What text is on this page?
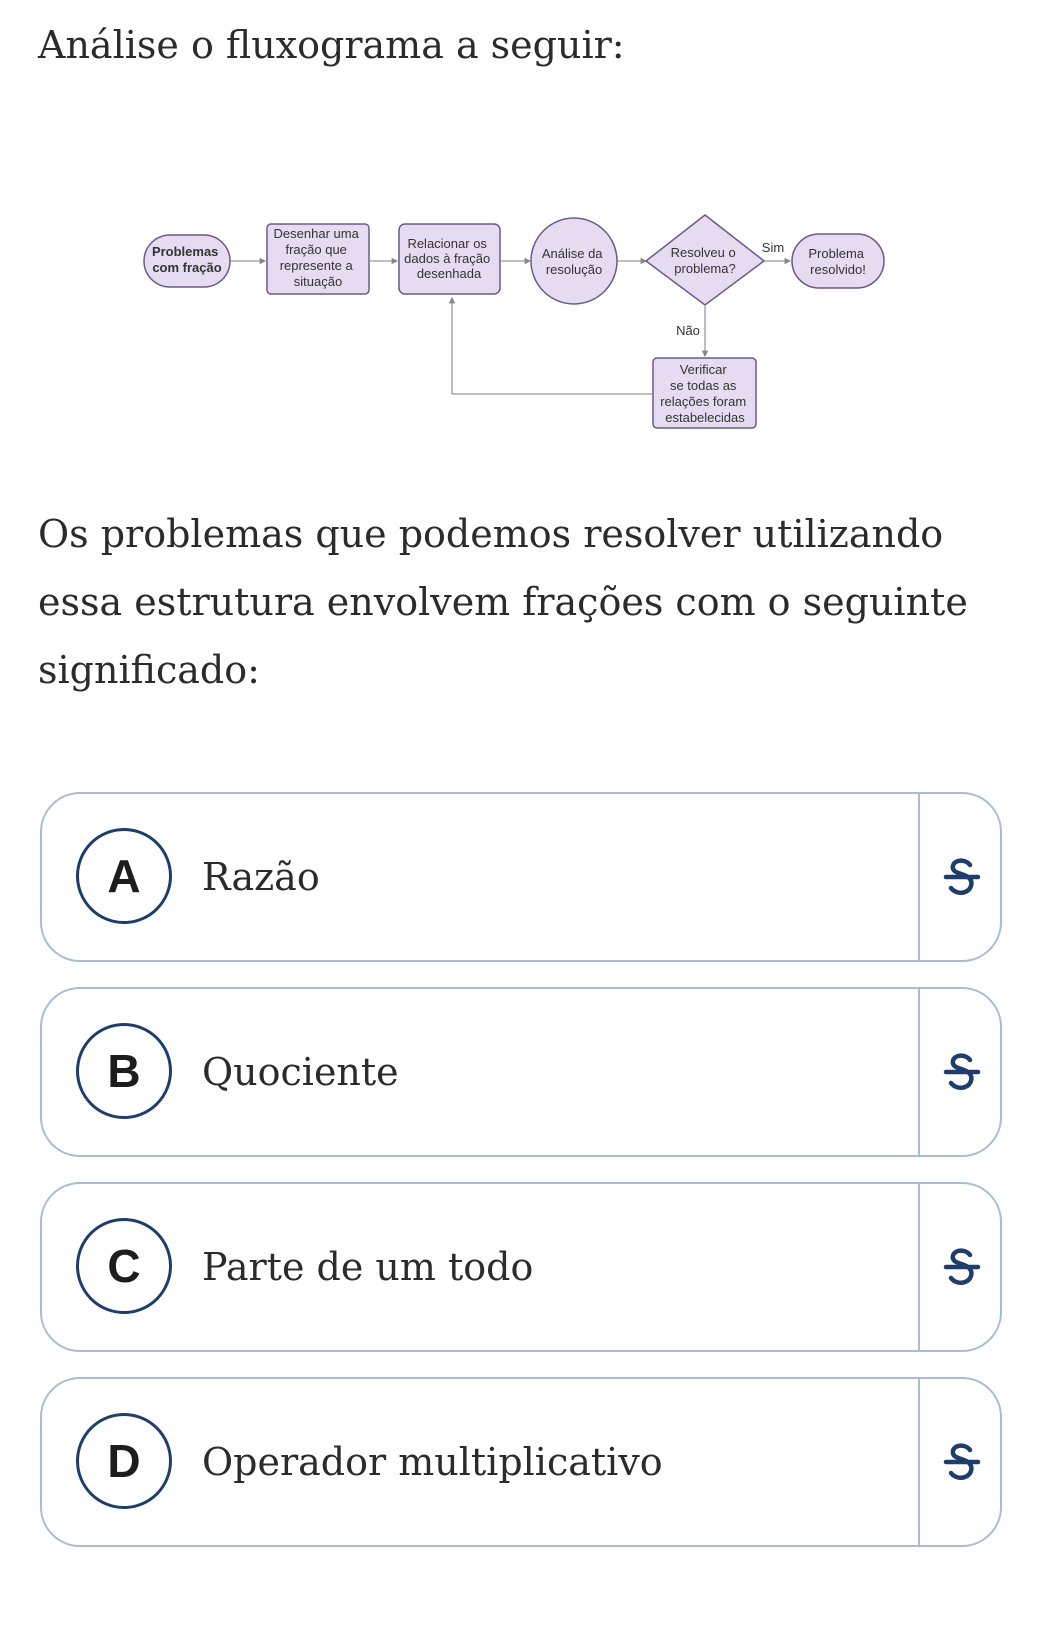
Análise o fluxograma a seguir:
Problemas com fração
Desenhar uma fração que represente a situação
Relacionar os dados à fração desenhada
Análise da resolução
Resolveu o problema?
Problema resolvido!
Verificar se todas as relações foram estabelecidas
Sim
Não

Os problemas que podemos resolver utilizando essa estrutura envolvem frações com o seguinte significado:

A	Razão
B	Quociente
C	Parte de um todo
D	Operador multiplicativo
